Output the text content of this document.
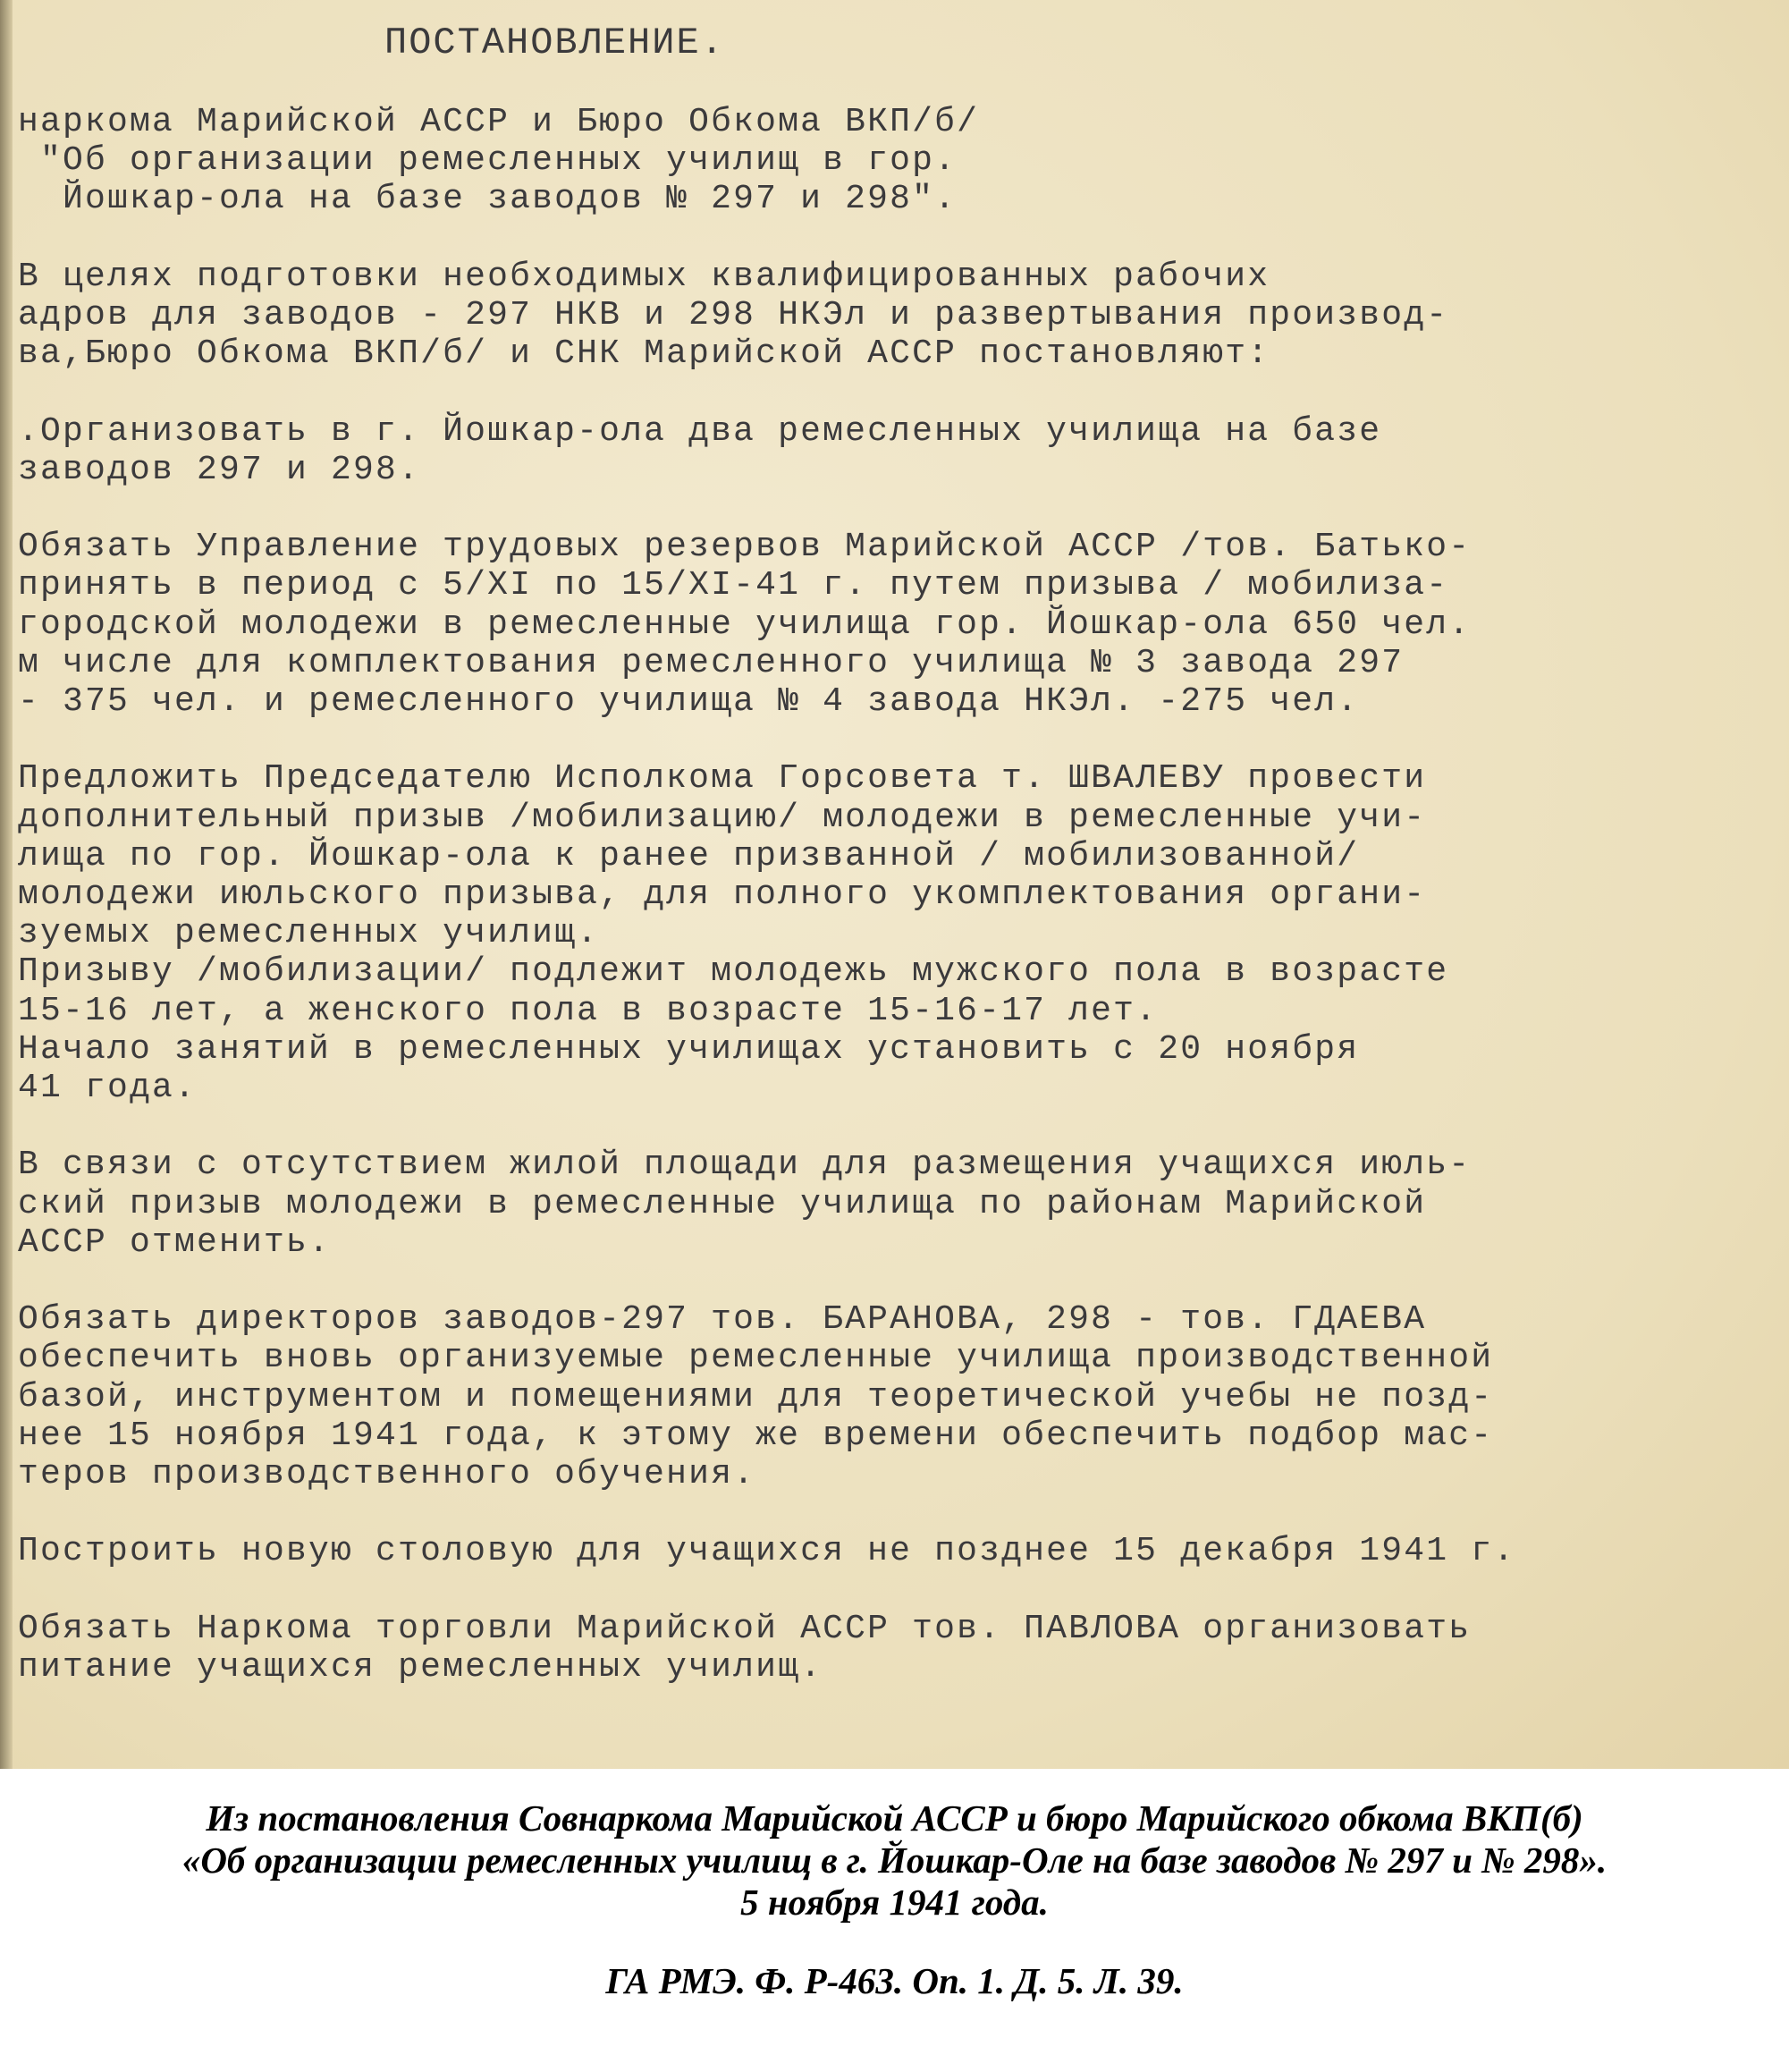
ПОСТАНОВЛЕНИЕ.
наркома Марийской АССР и Бюро Обкома ВКП/б/
"Об организации ремесленных училищ в гор.
Йошкар-ола на базе заводов № 297 и 298".
В целях подготовки необходимых квалифицированных рабочих
адров для заводов - 297 НКВ и 298 НКЭл и развертывания производ-
ва,Бюро Обкома ВКП/б/ и СНК Марийской АССР постановляют:
.Организовать в г. Йошкар-ола два ремесленных училища на базе
заводов 297 и 298.
Обязать Управление трудовых резервов Марийской АССР /тов. Батько-
принять в период с 5/XI по 15/XI-41 г. путем призыва / мобилиза-
городской молодежи в ремесленные училища гор. Йошкар-ола 650 чел.
м числе для комплектования ремесленного училища № 3 завода 297
- 375 чел. и ремесленного училища № 4 завода НКЭл. -275 чел.
Предложить Председателю Исполкома Горсовета т. ШВАЛЕВУ провести
дополнительный призыв /мобилизацию/ молодежи в ремесленные учи-
лища по гор. Йошкар-ола к ранее призванной / мобилизованной/
молодежи июльского призыва, для полного укомплектования органи-
зуемых ремесленных училищ.
Призыву /мобилизации/ подлежит молодежь мужского пола в возрасте
15-16 лет, а женского пола в возрасте 15-16-17 лет.
Начало занятий в ремесленных училищах установить с 20 ноября
41 года.
В связи с отсутствием жилой площади для размещения учащихся июль-
ский призыв молодежи в ремесленные училища по районам Марийской
АССР отменить.
Обязать директоров заводов-297 тов. БАРАНОВА, 298 - тов. ГДАЕВА
обеспечить вновь организуемые ремесленные училища производственной
базой, инструментом и помещениями для теоретической учебы не позд-
нее 15 ноября 1941 года, к этому же времени обеспечить подбор мас-
теров производственного обучения.
Построить новую столовую для учащихся не позднее 15 декабря 1941 г.
Обязать Наркома торговли Марийской АССР тов. ПАВЛОВА организовать
питание учащихся ремесленных училищ.
Из постановления Совнаркома Марийской АССР и бюро Марийского обкома ВКП(б)
«Об организации ремесленных училищ в г. Йошкар-Оле на базе заводов № 297 и № 298».
5 ноября 1941 года.
ГА РМЭ. Ф. Р-463. Оп. 1. Д. 5. Л. 39.
